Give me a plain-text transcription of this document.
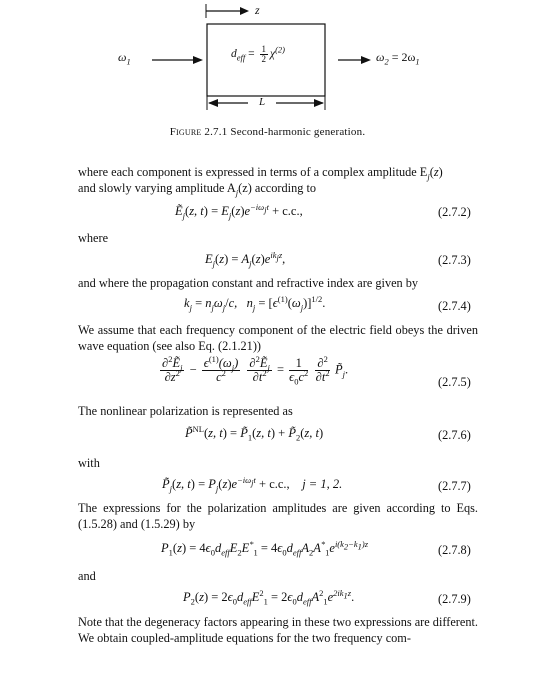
z
$\omega_1$	$\omega_2 = 2\omega_1$
$d_{eff} = \frac{1}{2} \chi^{(2)}$
L
Figure 2.7.1 Second-harmonic generation.
where each component is expressed in terms of a complex amplitude $E_j(z)$
and slowly varying amplitude $A_j(z)$ according to
Ẽ$_j$(z, $t) = E_j(z)e^{-i\omega_jt} + c.c$.,	(2.7.2)
where
$E_j(z) = A_j(z)e^{ik_jz}$,	(2.7.3)
and where the propagation constant and refractive index are given by
$k_j = n_j\omega_j/c$,   $n_j = [\epsilon^{(1)}(\omega_j)]^{1/2}$.	(2.7.4)
We assume that each frequency component of the electric field obeys the driven wave equation (see also Eq. (2.1.21))
$\frac{\partial^2Ẽ_j}{\partial z^2} - \frac{\epsilon^{(1)}(\omega_j)}{c^2}$
$\frac{\partial^2Ẽ_j}{\partial t^2} = \frac{1}{\epsilon_0c^2}$
$\frac{\partial^2}{\partial t^2}$ $P̃_j$.
(2.7.5)
The nonlinear polarization is represented as
P̃$^{NL}$(z, $t) = P̃_1(z$, $t) + P̃_2(z$, t)	(2.7.6)
with
$P̃_j(z$, $t) = P_j(z)e^{-i\omega_jt} + c.c$.,    j = 1, 2.	(2.7.7)
The expressions for the polarization amplitudes are given according to Eqs. (1.5.28) and (1.5.29) by
$P_1(z) = 4\epsilon_0d_{eff}E_2E^*_1 = 4\epsilon_0d_{eff}A_2A^*_1e^{i(k_2-k_1)z}$	(2.7.8)
and
$P_2(z) = 2\epsilon_0d_{eff}E^2_1 = 2\epsilon_0d_{eff}A^2_1e^{2ik_1z}$.	(2.7.9)
Note that the degeneracy factors appearing in these two expressions are different. We obtain coupled-amplitude equations for the two frequency com-
